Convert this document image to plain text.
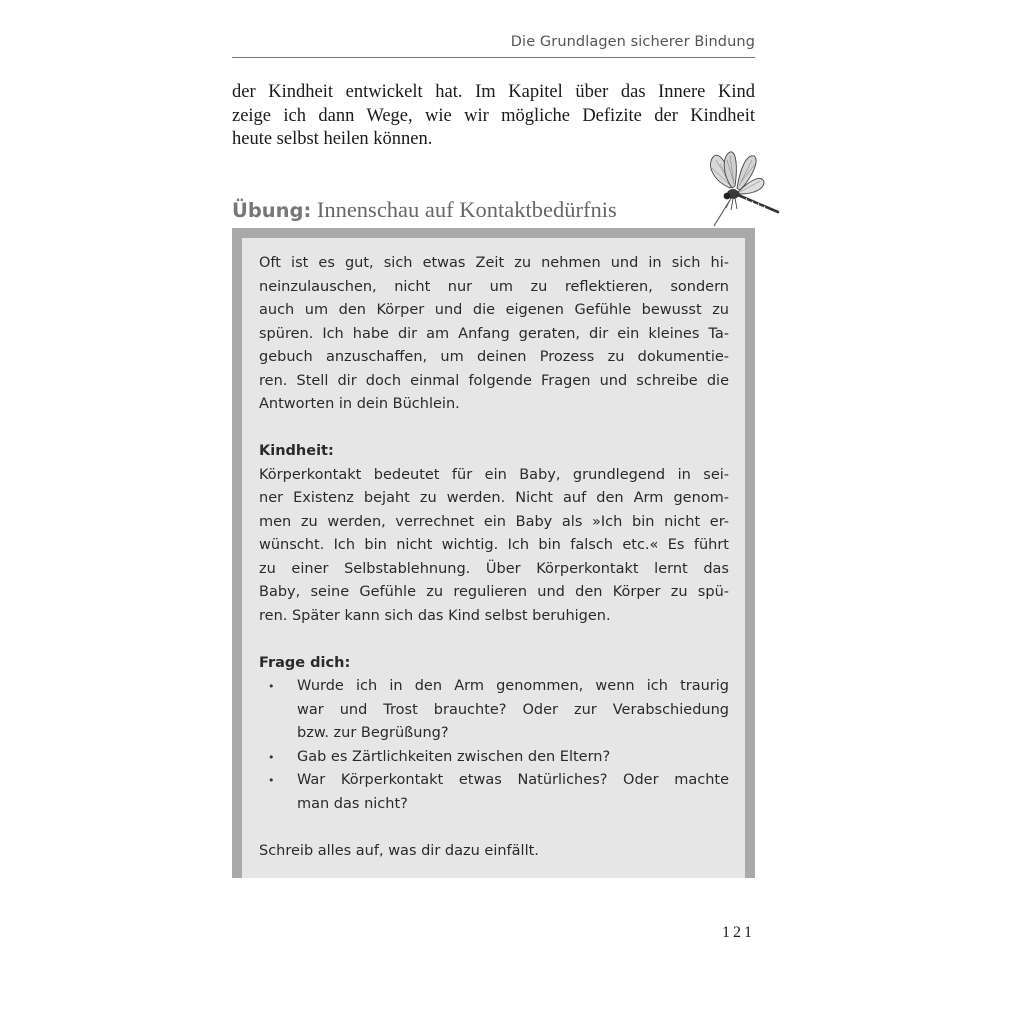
Die Grundlagen sicherer Bindung

der Kindheit entwickelt hat. Im Kapitel über das Innere Kind
zeige ich dann Wege, wie wir mögliche Defizite der Kindheit
heute selbst heilen können.

Übung: Innenschau auf Kontaktbedürfnis

Oft ist es gut, sich etwas Zeit zu nehmen und in sich hi-
neinzulauschen, nicht nur um zu reflektieren, sondern
auch um den Körper und die eigenen Gefühle bewusst zu
spüren. Ich habe dir am Anfang geraten, dir ein kleines Ta-
gebuch anzuschaffen, um deinen Prozess zu dokumentie-
ren. Stell dir doch einmal folgende Fragen und schreibe die
Antworten in dein Büchlein.

Kindheit:
Körperkontakt bedeutet für ein Baby, grundlegend in sei-
ner Existenz bejaht zu werden. Nicht auf den Arm genom-
men zu werden, verrechnet ein Baby als »Ich bin nicht er-
wünscht. Ich bin nicht wichtig. Ich bin falsch etc.« Es führt
zu einer Selbstablehnung. Über Körperkontakt lernt das
Baby, seine Gefühle zu regulieren und den Körper zu spü-
ren. Später kann sich das Kind selbst beruhigen.

Frage dich:
• Wurde ich in den Arm genommen, wenn ich traurig
war und Trost brauchte? Oder zur Verabschiedung
bzw. zur Begrüßung?
• Gab es Zärtlichkeiten zwischen den Eltern?
• War Körperkontakt etwas Natürliches? Oder machte
man das nicht?

Schreib alles auf, was dir dazu einfällt.

121
